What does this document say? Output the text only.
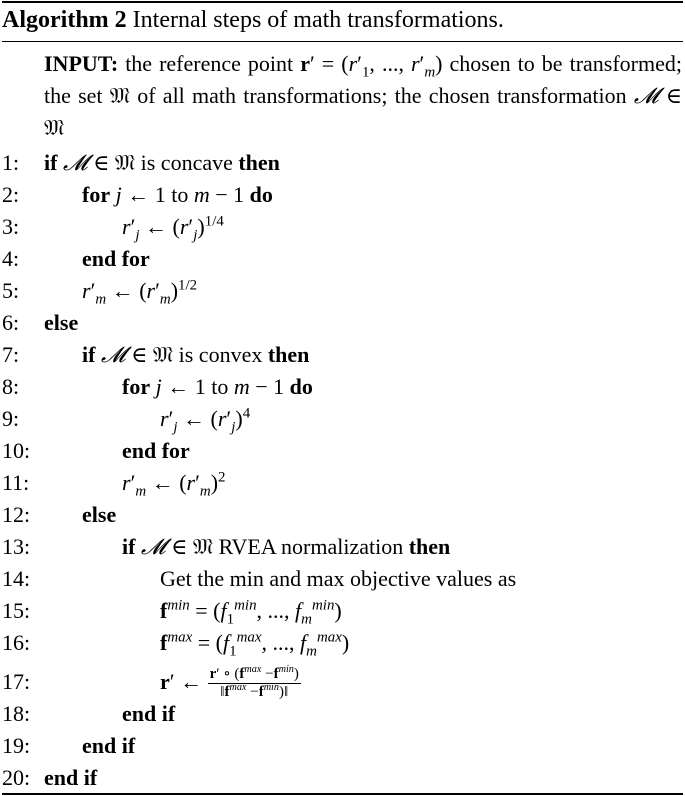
Algorithm 2 Internal steps of math transformations.
INPUT: the reference point $r' = (r'_1$, ..., $r'_m$) chosen to be transformed; the set 𝔐 of all math transformations; the chosen transformation 𝓜 ∈ 𝔐
1:	if 𝓜 ∈ 𝔐 is concave then
2:	for j ← 1 to m − 1 do
3:	$r'_j$ ← $(r'_j)^{1/4}$
4:	end for
5:	$r'_m$ ← $(r'_m)^{1/2}$
6:	else
7:	if 𝓜 ∈ 𝔐 is convex then
8:	for j ← 1 to m − 1 do
9:	$r'_j$ ← $(r'_j)^4$
10:	end for
11:	$r'_m$ ← $(r'_m)^2$
12:	else
13:	if 𝓜 ∈ 𝔐 RVEA normalization then
14:	Get the min and max objective values as
15:	$f^{min} = (f_1^{min}$, ..., $f_m^{min}$)
16:	$f^{max} = (f_1^{max}$, ..., $f_m^{max}$)
17:	r′ ← $\frac{r' \circ (f^{max} -f^{min})}{‖f^{max} -f^{min})‖}$
18:	end if
19:	end if
20: end if
